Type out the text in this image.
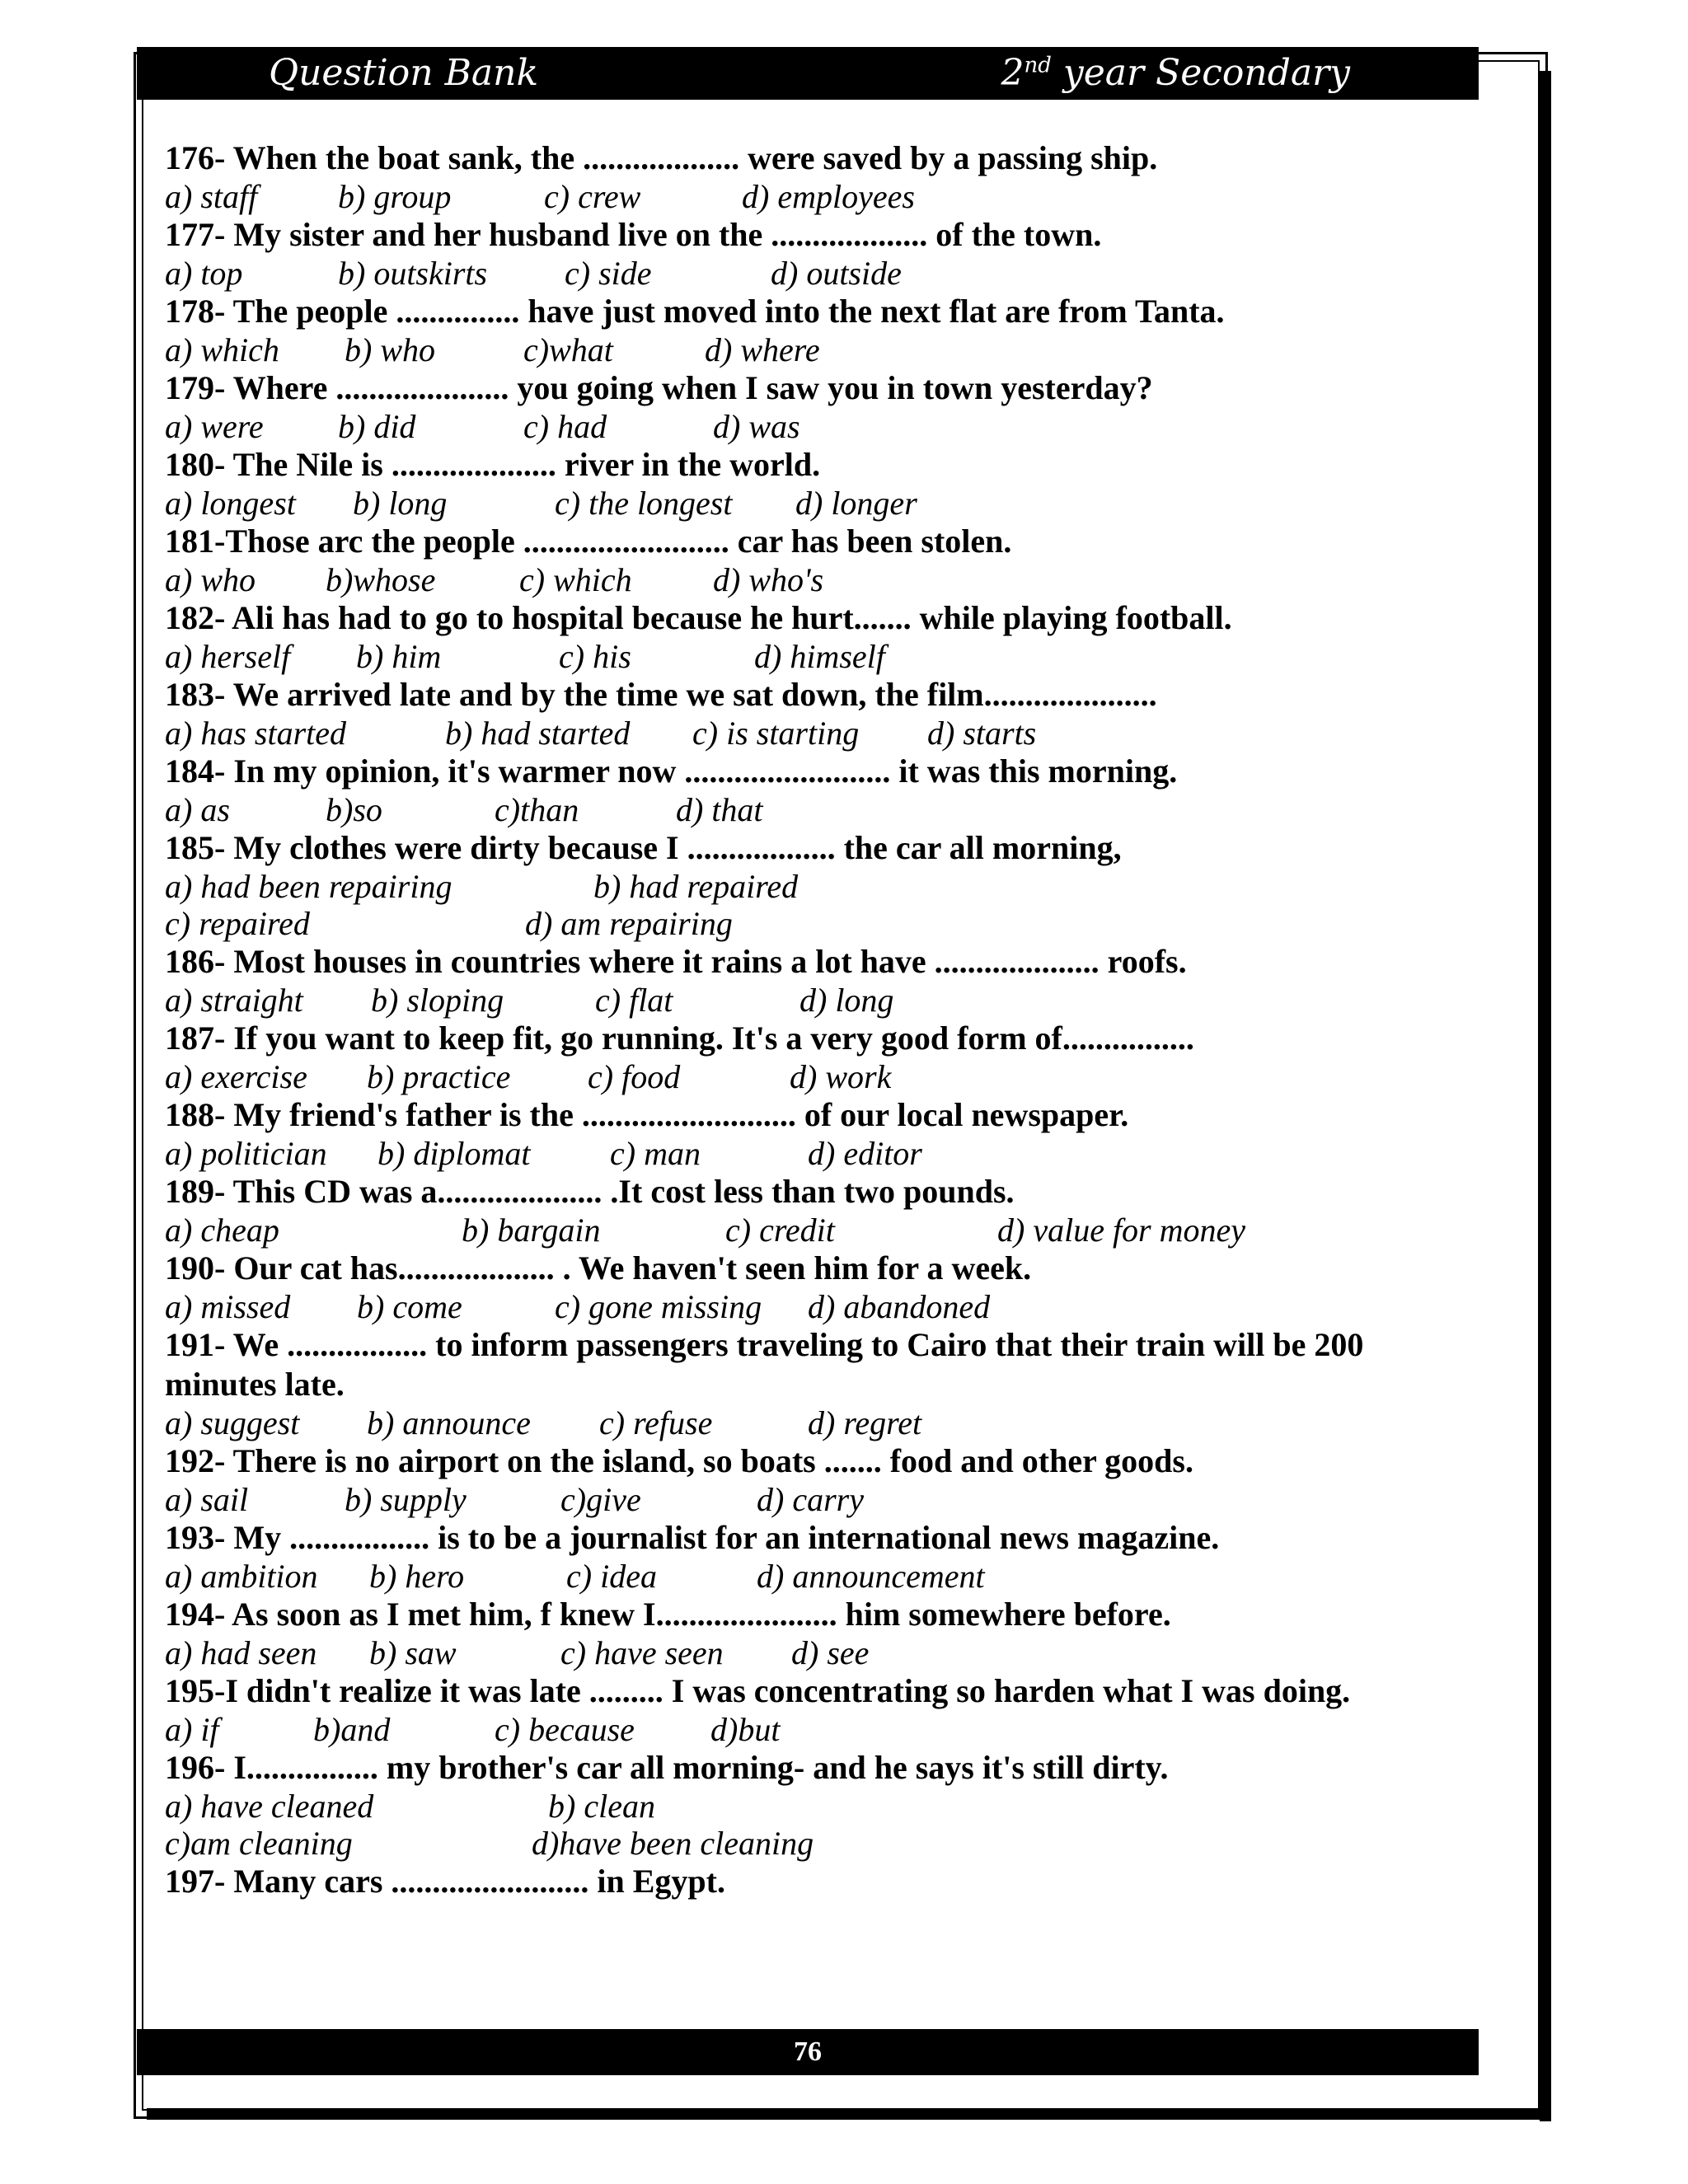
Question Bank	2nd year Secondary
176- When the boat sank, the ................... were saved by a passing ship.
a) staff b) group	c) crew	d) employees
177- My sister and her husband live on the ................... of the town.
a) top	b) outskirts c) side	d) outside
178- The people ............... have just moved into the next flat are from Tanta.
a) which b) who	c)what	d) where
179- Where ..................... you going when I saw you in town yesterday?
a) were b) did	c) had	d) was
180- The Nile is .................... river in the world.
a) longest b) long	c) the longest d) longer
181-Those arc the people ......................... car has been stolen.
a) who b)whose	c) which d) who's
182- Ali has had to go to hospital because he hurt....... while playing football.
a) herself b) him	c) his	d) himself
183- We arrived late and by the time we sat down, the film.....................
a) has started	b) had started c) is starting d) starts
184- In my opinion, it's warmer now ......................... it was this morning.
a) as	b)so	c)than	d) that
185- My clothes were dirty because I .................. the car all morning,
a) had been repairing	b) had repaired
c) repaired	d) am repairing
186- Most houses in countries where it rains a lot have .................... roofs.
a) straight b) sloping	c) flat	d) long
187- If you want to keep fit, go running. It's a very good form of................
a) exercise b) practice c) food	d) work
188- My friend's father is the .......................... of our local newspaper.
a) politician b) diplomat c) man	d) editor
189- This CD was a.................... .It cost less than two pounds.
a) cheap	b) bargain	c) credit	d) value for money
190- Our cat has................... . We haven't seen him for a week.
a) missed b) come	c) gone missing d) abandoned
191- We ................. to inform passengers traveling to Cairo that their train will be 200 minutes late.
a) suggest b) announce c) refuse	d) regret
192- There is no airport on the island, so boats ....... food and other goods.
a) sail	b) supply	c)give	d) carry
193- My ................. is to be a journalist for an international news magazine.
a) ambition b) hero	c) idea	d) announcement
194- As soon as I met him, f knew I...................... him somewhere before.
a) had seen b) saw	c) have seen d) see
195-I didn't realize it was late ......... I was concentrating so harden what I was doing.
a) if	b)and	c) because d)but
196- I................ my brother's car all morning- and he says it's still dirty.
a) have cleaned	b) clean
c)am cleaning	d)have been cleaning
197- Many cars ........................ in Egypt.
76
